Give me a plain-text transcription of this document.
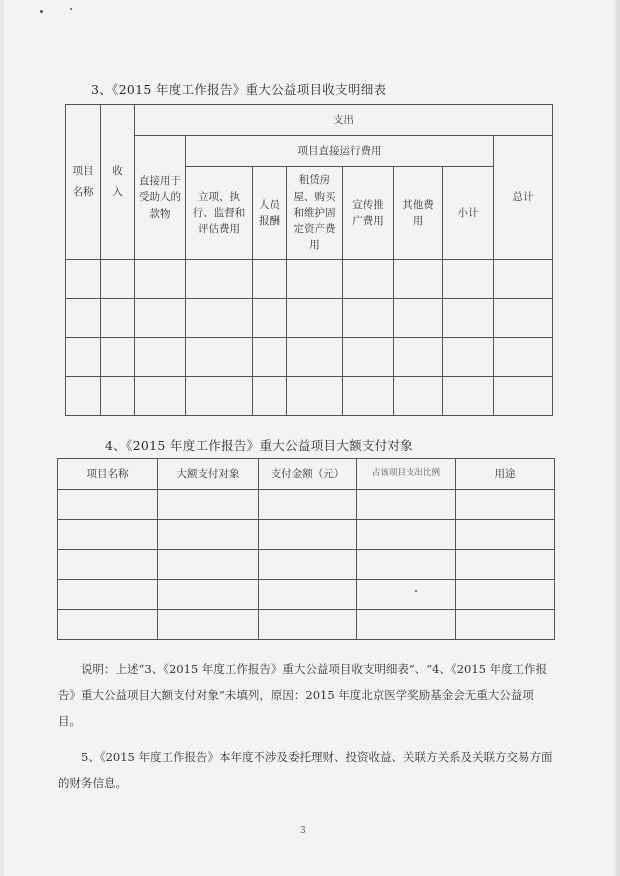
3、《2015 年度工作报告》重大公益项目收支明细表
项目名称	收入	支出							
		直接用于受助人的款物	项目直接运行费用						总计
			立项、执行、监督和评估费用	人员报酬	租赁房屋、购买和维护固定资产费用	宣传推广费用	其他费用	小计	

4、《2015 年度工作报告》重大公益项目大额支付对象
项目名称	大额支付对象	支付金额（元）	占该项目支出比例	用途

说明：上述“3、《2015 年度工作报告》重大公益项目收支明细表”、“4、《2015 年度工作报告》重大公益项目大额支付对象”未填列，原因：2015 年度北京医学奖励基金会无重大公益项目。
5、《2015 年度工作报告》本年度不涉及委托理财、投资收益、关联方关系及关联方交易方面的财务信息。
3
